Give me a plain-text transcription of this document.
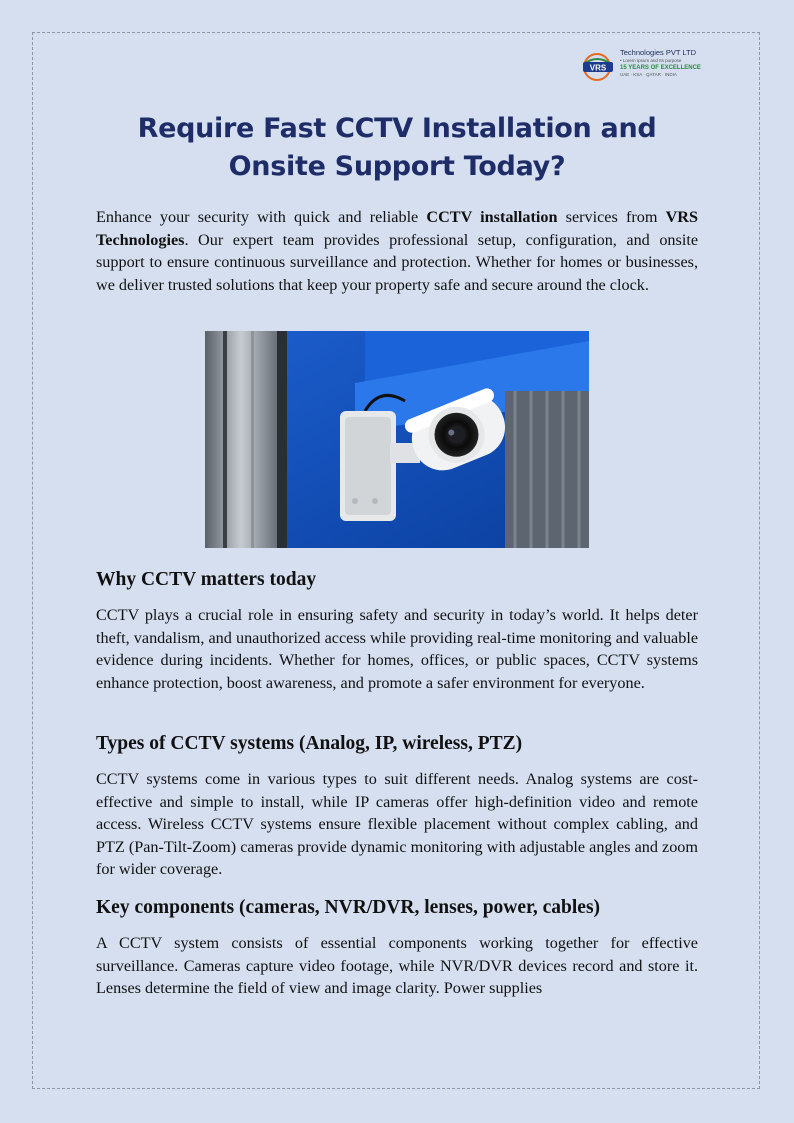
VRS
Technologies PVT LTD
• Lorem Ipsum and Its purpose
15 YEARS OF EXCELLENCE
UAE · KSA · QATAR · INDIA
Require Fast CCTV Installation and Onsite Support Today?

Enhance your security with quick and reliable CCTV installation services from VRS Technologies. Our expert team provides professional setup, configuration, and onsite support to ensure continuous surveillance and protection. Whether for homes or businesses, we deliver trusted solutions that keep your property safe and secure around the clock.

Why CCTV matters today

CCTV plays a crucial role in ensuring safety and security in today’s world. It helps deter theft, vandalism, and unauthorized access while providing real-time monitoring and valuable evidence during incidents. Whether for homes, offices, or public spaces, CCTV systems enhance protection, boost awareness, and promote a safer environment for everyone.

Types of CCTV systems (Analog, IP, wireless, PTZ)

CCTV systems come in various types to suit different needs. Analog systems are cost-effective and simple to install, while IP cameras offer high-definition video and remote access. Wireless CCTV systems ensure flexible placement without complex cabling, and PTZ (Pan-Tilt-Zoom) cameras provide dynamic monitoring with adjustable angles and zoom for wider coverage.

Key components (cameras, NVR/DVR, lenses, power, cables)

A CCTV system consists of essential components working together for effective surveillance. Cameras capture video footage, while NVR/DVR devices record and store it. Lenses determine the field of view and image clarity. Power supplies
